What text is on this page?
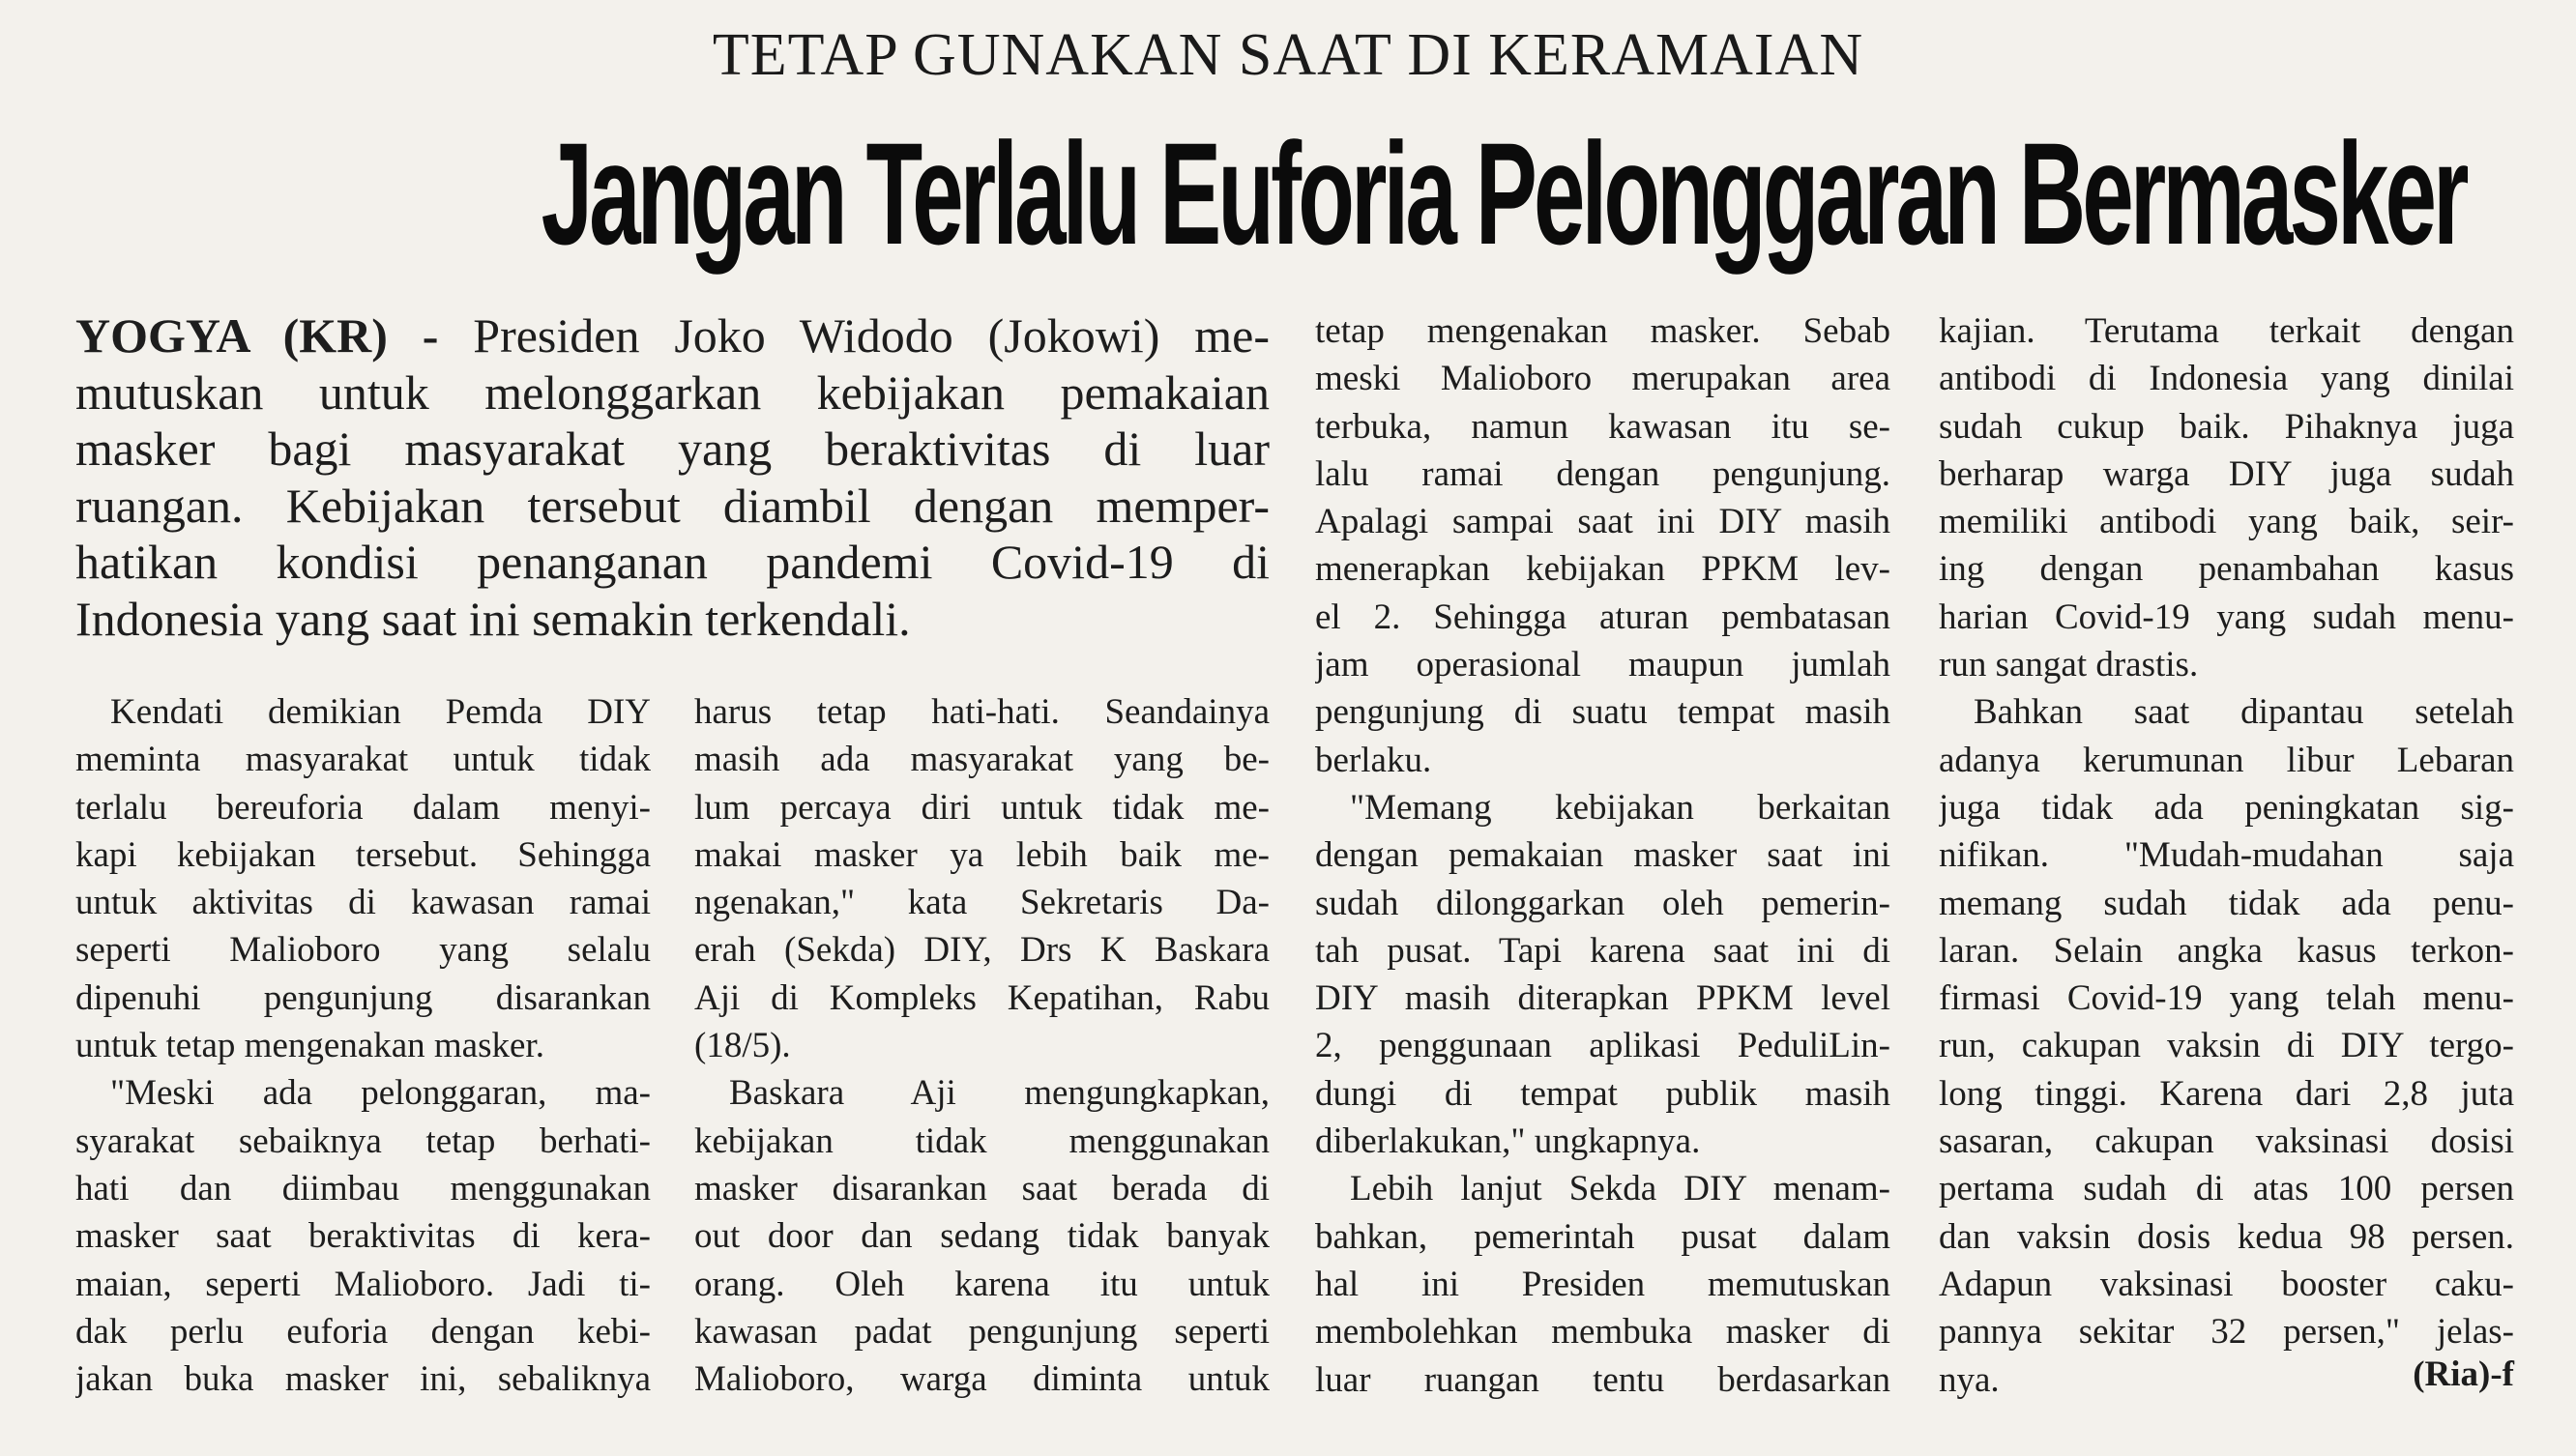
TETAP GUNAKAN SAAT DI KERAMAIAN
Jangan Terlalu Euforia Pelonggaran Bermasker
YOGYA (KR) - Presiden Joko Widodo (Jokowi) me-
mutuskan untuk melonggarkan kebijakan pemakaian
masker bagi masyarakat yang beraktivitas di luar
ruangan. Kebijakan tersebut diambil dengan memper-
hatikan kondisi penanganan pandemi Covid-19 di
Indonesia yang saat ini semakin terkendali.
Kendati demikian Pemda DIY
meminta masyarakat untuk tidak
terlalu bereuforia dalam menyi-
kapi kebijakan tersebut. Sehingga
untuk aktivitas di kawasan ramai
seperti Malioboro yang selalu
dipenuhi pengunjung disarankan
untuk tetap mengenakan masker.
"Meski ada pelonggaran, ma-
syarakat sebaiknya tetap berhati-
hati dan diimbau menggunakan
masker saat beraktivitas di kera-
maian, seperti Malioboro. Jadi ti-
dak perlu euforia dengan kebi-
jakan buka masker ini, sebaliknya
harus tetap hati-hati. Seandainya
masih ada masyarakat yang be-
lum percaya diri untuk tidak me-
makai masker ya lebih baik me-
ngenakan," kata Sekretaris Da-
erah (Sekda) DIY, Drs K Baskara
Aji di Kompleks Kepatihan, Rabu
(18/5).
Baskara Aji mengungkapkan,
kebijakan tidak menggunakan
masker disarankan saat berada di
out door dan sedang tidak banyak
orang. Oleh karena itu untuk
kawasan padat pengunjung seperti
Malioboro, warga diminta untuk
tetap mengenakan masker. Sebab
meski Malioboro merupakan area
terbuka, namun kawasan itu se-
lalu ramai dengan pengunjung.
Apalagi sampai saat ini DIY masih
menerapkan kebijakan PPKM lev-
el 2. Sehingga aturan pembatasan
jam operasional maupun jumlah
pengunjung di suatu tempat masih
berlaku.
"Memang kebijakan berkaitan
dengan pemakaian masker saat ini
sudah dilonggarkan oleh pemerin-
tah pusat. Tapi karena saat ini di
DIY masih diterapkan PPKM level
2, penggunaan aplikasi PeduliLin-
dungi di tempat publik masih
diberlakukan," ungkapnya.
Lebih lanjut Sekda DIY menam-
bahkan, pemerintah pusat dalam
hal ini Presiden memutuskan
membolehkan membuka masker di
luar ruangan tentu berdasarkan
kajian. Terutama terkait dengan
antibodi di Indonesia yang dinilai
sudah cukup baik. Pihaknya juga
berharap warga DIY juga sudah
memiliki antibodi yang baik, seir-
ing dengan penambahan kasus
harian Covid-19 yang sudah menu-
run sangat drastis.
Bahkan saat dipantau setelah
adanya kerumunan libur Lebaran
juga tidak ada peningkatan sig-
nifikan. "Mudah-mudahan saja
memang sudah tidak ada penu-
laran. Selain angka kasus terkon-
firmasi Covid-19 yang telah menu-
run, cakupan vaksin di DIY tergo-
long tinggi. Karena dari 2,8 juta
sasaran, cakupan vaksinasi dosisi
pertama sudah di atas 100 persen
dan vaksin dosis kedua 98 persen.
Adapun vaksinasi booster caku-
pannya sekitar 32 persen," jelas-
nya.	(Ria)-f
